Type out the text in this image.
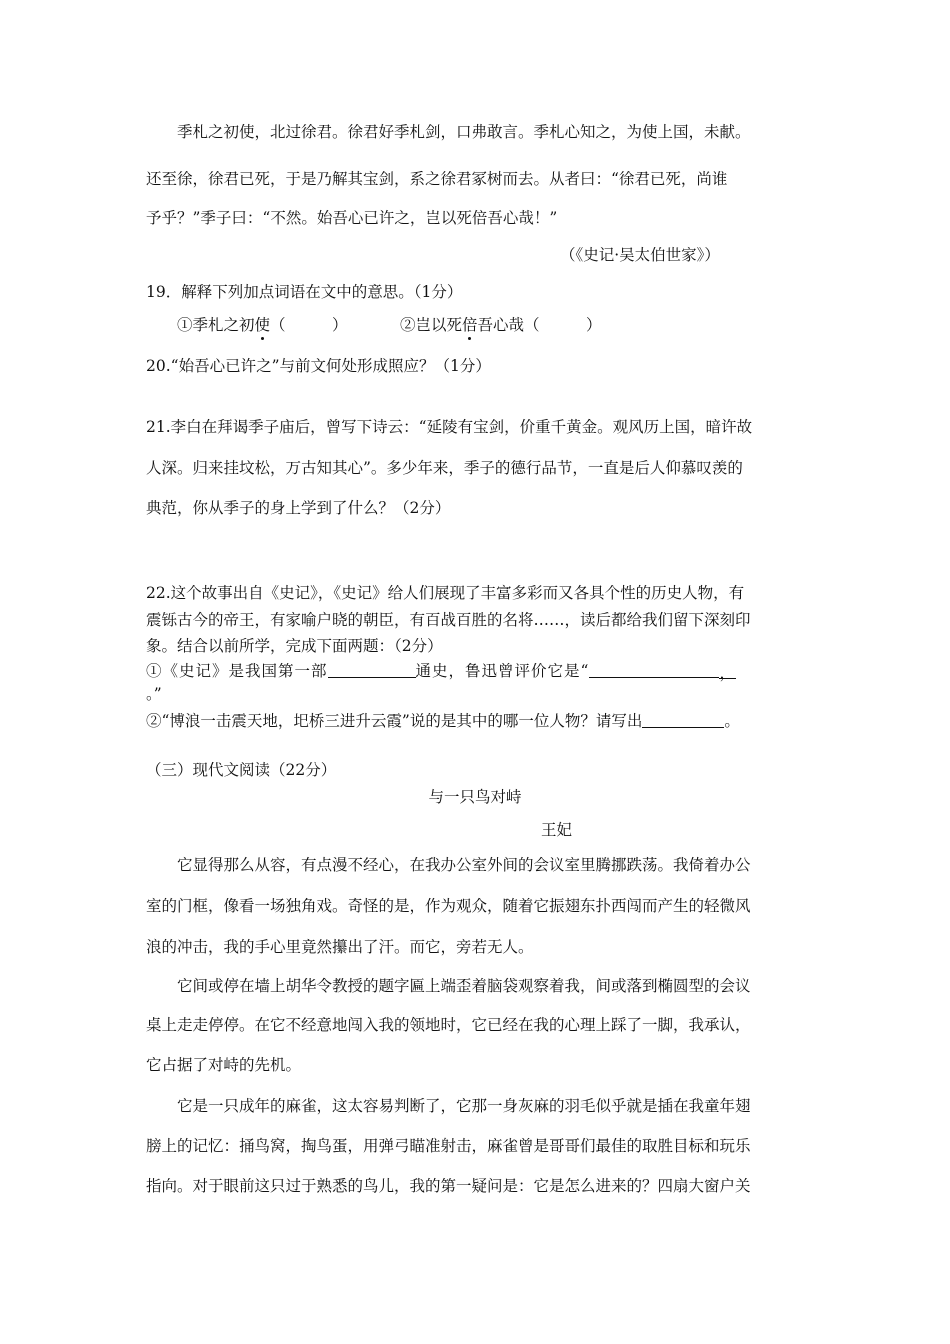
季札之初使，北过徐君。徐君好季札剑，口弗敢言。季札心知之，为使上国，未献。
还至徐，徐君已死，于是乃解其宝剑，系之徐君冢树而去。从者曰：“徐君已死，尚谁
予乎？”季子曰：“不然。始吾心已许之，岂以死倍吾心哉！”
（《史记·吴太伯世家》）
19．解释下列加点词语在文中的意思。（1分）
①季札之初使（　　　）	②岂以死倍吾心哉（　　　）
20.“始吾心已许之”与前文何处形成照应？（1分）
21.李白在拜谒季子庙后，曾写下诗云：“延陵有宝剑，价重千黄金。观风历上国，暗许故
人深。归来挂坟松，万古知其心”。多少年来，季子的德行品节，一直是后人仰慕叹羡的
典范，你从季子的身上学到了什么？（2分）
22.这个故事出自《史记》，《史记》给人们展现了丰富多彩而又各具个性的历史人物，有
震铄古今的帝王，有家喻户晓的朝臣，有百战百胜的名将……，读后都给我们留下深刻印
象。结合以前所学，完成下面两题：（2分）
①《史记》是我国第一部	通史，鲁迅曾评价它是“	，
。”
②“博浪一击震天地，圯桥三进升云霞”说的是其中的哪一位人物？请写出	。
（三）现代文阅读（22分）
与一只鸟对峙
王妃
它显得那么从容，有点漫不经心，在我办公室外间的会议室里腾挪跌荡。我倚着办公
室的门框，像看一场独角戏。奇怪的是，作为观众，随着它振翅东扑西闯而产生的轻微风
浪的冲击，我的手心里竟然攥出了汗。而它，旁若无人。
它间或停在墙上胡华令教授的题字匾上端歪着脑袋观察着我，间或落到椭圆型的会议
桌上走走停停。在它不经意地闯入我的领地时，它已经在我的心理上踩了一脚，我承认，
它占据了对峙的先机。
它是一只成年的麻雀，这太容易判断了，它那一身灰麻的羽毛似乎就是插在我童年翅
膀上的记忆：捅鸟窝，掏鸟蛋，用弹弓瞄准射击，麻雀曾是哥哥们最佳的取胜目标和玩乐
指向。对于眼前这只过于熟悉的鸟儿，我的第一疑问是：它是怎么进来的？四扇大窗户关
